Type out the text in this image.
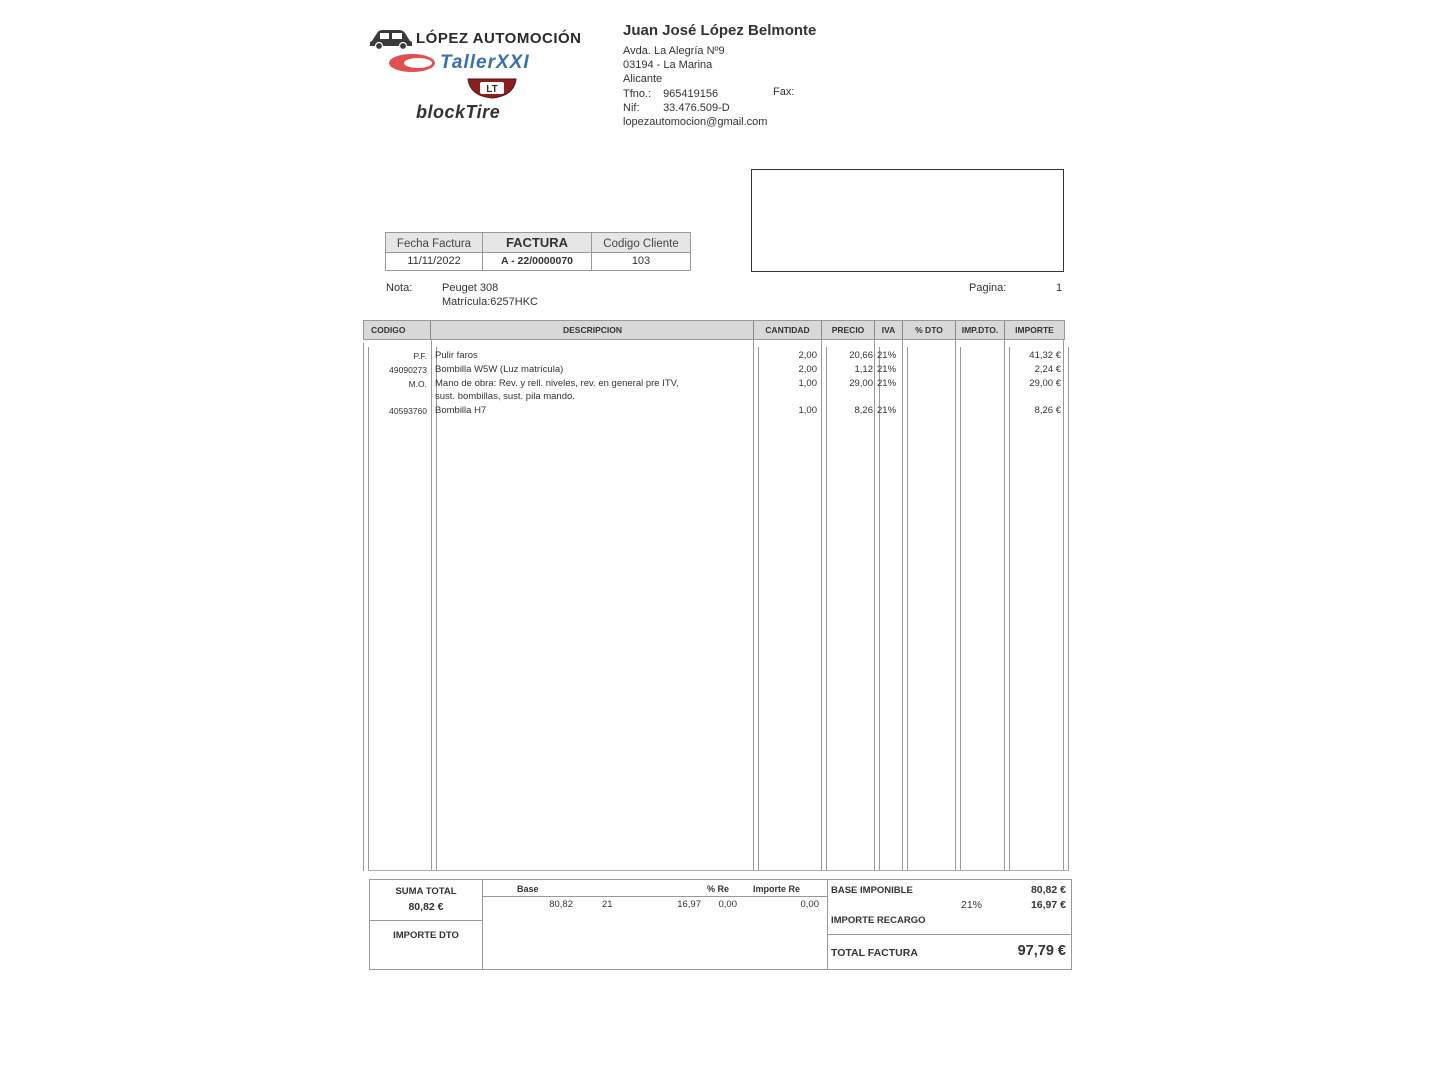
LÓPEZ AUTOMOCIÓN
TallerXXI
LT
blockTire
Juan José López Belmonte
Avda. La Alegría Nº9
03194 - La Marina
Alicante
Tfno.: 965419156
Nif: 33.476.509-D
lopezautomocion@gmail.com
Fax:
Fecha Factura
11/11/2022
FACTURA
A - 22/0000070
Codigo Cliente
103
Nota:	Peuget 308
Matrícula:6257HKC
Pagina:	1
CODIGO	DESCRIPCION	CANTIDAD	PRECIO	IVA	% DTO	IMP.DTO.	IMPORTE
P.F. Pulir faros	2,00	20,66 21%	41,32 €
49090273 Bombilla W5W (Luz matrícula)	2,00	1,12 21%	2,24 €
M.O. Mano de obra: Rev. y rell. niveles, rev. en general pre ITV,	1,00	29,00 21%	29,00 €
sust. bombillas, sust. pila mando.
40593760 Bombilla H7	1,00	8,26 21%	8,26 €
SUMA TOTAL
80,82 €
IMPORTE DTO
Base	% Re	Importe Re
80,82	21	16,97	0,00	0,00
BASE IMPONIBLE	80,82 €
21%	16,97 €
IMPORTE RECARGO
TOTAL FACTURA	97,79 €
